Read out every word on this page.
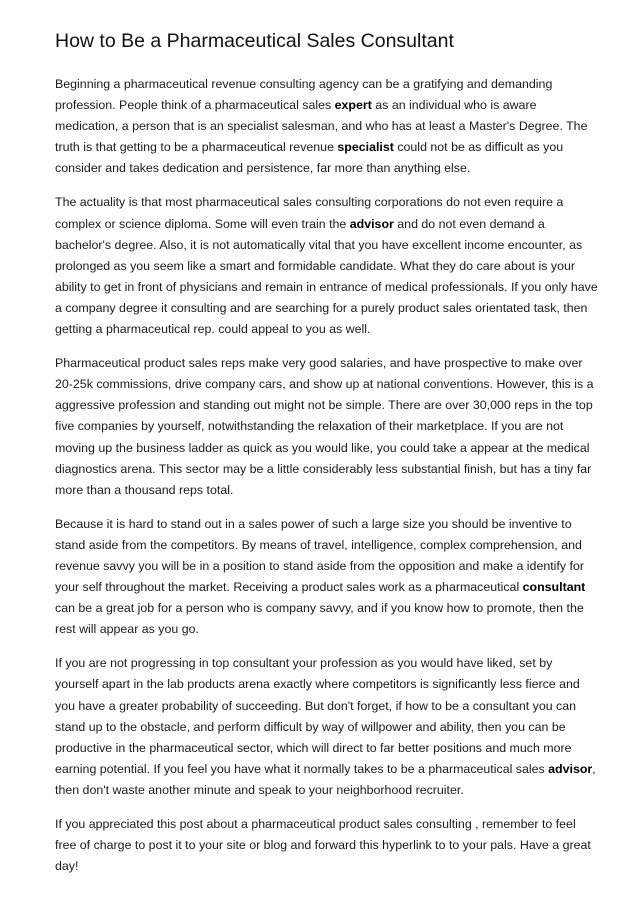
How to Be a Pharmaceutical Sales Consultant

Beginning a pharmaceutical revenue consulting agency can be a gratifying and demanding profession. People think of a pharmaceutical sales expert as an individual who is aware medication, a person that is an specialist salesman, and who has at least a Master's Degree. The truth is that getting to be a pharmaceutical revenue specialist could not be as difficult as you consider and takes dedication and persistence, far more than anything else.

The actuality is that most pharmaceutical sales consulting corporations do not even require a complex or science diploma. Some will even train the advisor and do not even demand a bachelor's degree. Also, it is not automatically vital that you have excellent income encounter, as prolonged as you seem like a smart and formidable candidate. What they do care about is your ability to get in front of physicians and remain in entrance of medical professionals. If you only have a company degree it consulting and are searching for a purely product sales orientated task, then getting a pharmaceutical rep. could appeal to you as well.

Pharmaceutical product sales reps make very good salaries, and have prospective to make over 20-25k commissions, drive company cars, and show up at national conventions. However, this is a aggressive profession and standing out might not be simple. There are over 30,000 reps in the top five companies by yourself, notwithstanding the relaxation of their marketplace. If you are not moving up the business ladder as quick as you would like, you could take a appear at the medical diagnostics arena. This sector may be a little considerably less substantial finish, but has a tiny far more than a thousand reps total.

Because it is hard to stand out in a sales power of such a large size you should be inventive to stand aside from the competitors. By means of travel, intelligence, complex comprehension, and revenue savvy you will be in a position to stand aside from the opposition and make a identify for your self throughout the market. Receiving a product sales work as a pharmaceutical consultant can be a great job for a person who is company savvy, and if you know how to promote, then the rest will appear as you go.

If you are not progressing in top consultant your profession as you would have liked, set by yourself apart in the lab products arena exactly where competitors is significantly less fierce and you have a greater probability of succeeding. But don't forget, if how to be a consultant you can stand up to the obstacle, and perform difficult by way of willpower and ability, then you can be productive in the pharmaceutical sector, which will direct to far better positions and much more earning potential. If you feel you have what it normally takes to be a pharmaceutical sales advisor, then don't waste another minute and speak to your neighborhood recruiter.

If you appreciated this post about a pharmaceutical product sales consulting , remember to feel free of charge to post it to your site or blog and forward this hyperlink to to your pals. Have a great day!
